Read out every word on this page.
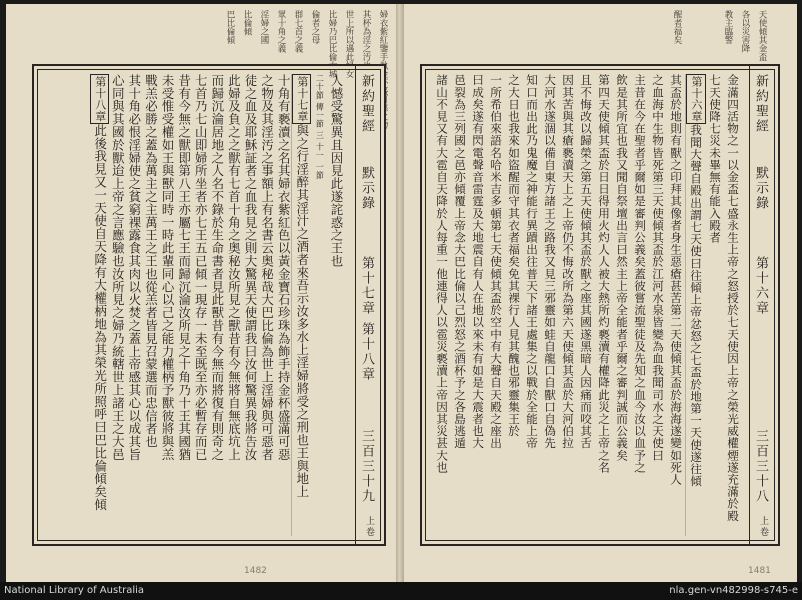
婦衣紫紅鑒手執金杯盛可惡之物
其杯為淫之汚也
世上所以遇此婦女
比婦乃巴比倫大城
倫者之母
群七首之義
眾十角之義
淫婦之國
比倫傾
巴比倫傾
新約聖經
默示錄
第十七章 第十八章
三百三十九
上卷
人憾受驚異且因見此遂詫惑之王也
二十節 傳一節 三 十一 一節
第十七章與之行淫醉其淫汁之酒者來吾示汝多水上淫婦將受之刑也王與地上
十角有褻瀆之名其婦衣紫紅色以黃金寶石珍珠為飾手持金杯盛滿可惡
之物及其淫汚之事額上有名書云奥秘哉大巴比倫為世上淫婦與可惡者
徒之血及耶穌証者之血我見之則大驚異天使謂我曰汝何驚異我將告汝
此婦及負之之獸有七首十角之奥秘汝所見之獸昔有今無將自無底坑上
而歸沉淪居地之人名不錄於生命書者見此獸昔有今無而將復有則奇之
七首乃七山即婦所坐者亦七王五已傾一現存一未至既至亦必暫存而已
昔有今無之獸即第八王亦屬七王而歸沉淪汝所見之十角乃十王其國猶
未受惟受權如王與獸同時一時此輩同心以己之能力權柄予獸彼將與羔
戰羔必勝之蓋為萬主之主萬王之王也從羔者皆見召蒙選而忠信者也
其十角必恨淫婦使之貧窮裸露食其肉以火焚之蓋上帝感其心以成其旨
心同與其國於獸迨上帝之言應驗也汝所見之婦乃統轄世上諸王之大邑
第十八章此後我見又一天使自天降有大權柄地為其榮光所照呼曰巴比倫傾矣傾
1482
天使傾其金盃
各以災害降
教主臨警
醒者福矣
新約聖經
默示錄
第十六章
三百三十八
上卷
金滿四活物之一以金盃七盛永生上帝之怒授於七天使因上帝之榮光威權煙遂充滿於殿
七天使降七災未畢無有能入殿者
第十六章我聞大聲自殿出謂七天使曰往傾上帝忿怒之七盃於地第一天使遂往傾
其盃於地則有獸之印拜其像者身生惡瘡甚苦第二天使傾其盃於海海遂變如死人
之血海中生物皆死第三天使傾其盃於江河水泉皆變為血我聞司水之天使曰
主昔在今在聖者乎爾如是審判公義矣蓋彼嘗流聖徒及先知之血今汝以血予之
飲是其所宜也我又聞自祭壇出言曰然主上帝全能者乎爾之審判誠而公義矣
第四天使傾其盃於日日得用火灼人人被大熱所灼褻瀆有權降此災之上帝之名
且不悔改以歸榮之第五天使傾其盃於獸之座其國遂黑暗人因痛而咬其舌
因其苦與其瘡褻瀆天上之上帝仍不悔改所為第六天使傾其盃於大河伯拉
大河水遂涸以備自東方諸王之路我又見三邪靈如蛙自龍口自獸口自偽先
知口而出此乃鬼魔之神能行異蹟出往普天下諸王處集之以戰於全能上帝
之大日也我來如盜醒而守其衣者福矣免其裸行人見其醜也邪靈集王於
一所希伯來語名哈米吉多頓第七天使傾其盃於空中有大聲自天殿之座出
曰成矣遂有閃電聲音雷霆及大地震自有人在地以來未有如是大震者也大
邑裂為三列國之邑亦傾覆上帝念大巴比倫以己烈怒之酒杯予之各島逃遁
諸山不見又有大雹自天降於人每重一他連得人以雹災褻瀆上帝因其災甚大也
1481
National Library of Australia	nla.gen-vn482998-s745-e
